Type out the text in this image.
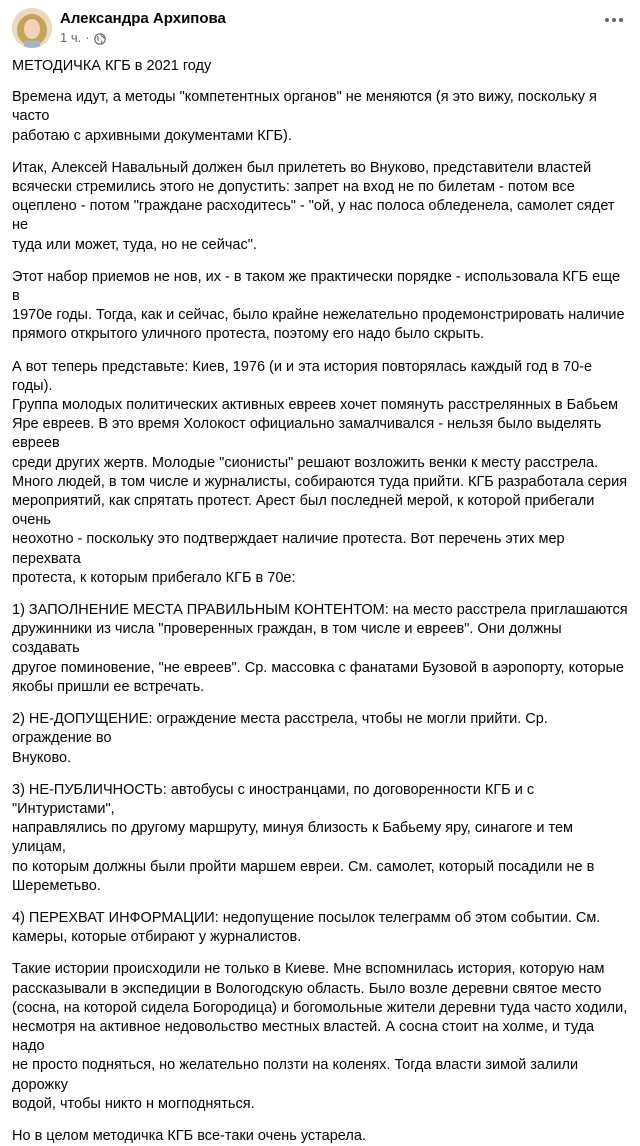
Александра Архипова
1 ч. ·

МЕТОДИЧКА КГБ в 2021 году

Времена идут, а методы "компетентных органов" не меняются (я это вижу, поскольку я часто
работаю с архивными документами КГБ).

Итак, Алексей Навальный должен был прилететь во Внуково, представители властей
всячески стремились этого не допустить: запрет на вход не по билетам - потом все
оцеплено - потом "граждане расходитесь" - "ой, у нас полоса обледенела, самолет сядет не
туда или может, туда, но не сейчас".

Этот набор приемов не нов, их - в таком же практически порядке - использовала КГБ еще в
1970е годы. Тогда, как и сейчас, было крайне нежелательно продемонстрировать наличие
прямого открытого уличного протеста, поэтому его надо было скрыть.

А вот теперь представьте: Киев, 1976 (и и эта история повторялась каждый год в 70-е годы).
Группа молодых политических активных евреев хочет помянуть расстрелянных в Бабьем
Яре евреев. В это время Холокост официально замалчивался - нельзя было выделять евреев
среди других жертв. Молодые "сионисты" решают возложить венки к месту расстрела.
Много людей, в том числе и журналисты, собираются туда прийти. КГБ разработала серия
мероприятий, как спрятать протест. Арест был последней мерой, к которой прибегали очень
неохотно - поскольку это подтверждает наличие протеста. Вот перечень этих мер перехвата
протеста, к которым прибегало КГБ в 70е:

1) ЗАПОЛНЕНИЕ МЕСТА ПРАВИЛЬНЫМ КОНТЕНТОМ: на место расстрела приглашаются
дружинники из числа "проверенных граждан, в том числе и евреев". Они должны создавать
другое поминовение, "не евреев". Ср. массовка с фанатами Бузовой в аэропорту, которые
якобы пришли ее встречать.

2) НЕ-ДОПУЩЕНИЕ: ограждение места расстрела, чтобы не могли прийти. Ср. ограждение во
Внуково.

3) НЕ-ПУБЛИЧНОСТЬ: автобусы с иностранцами, по договоренности КГБ и с "Интуристами",
направлялись по другому маршруту, минуя близость к Бабьему яру, синагоге и тем улицам,
по которым должны были пройти маршем евреи. См. самолет, который посадили не в
Шереметьво.

4) ПЕРЕХВАТ ИНФОРМАЦИИ: недопущение посылок телеграмм об этом событии. См.
камеры, которые отбирают у журналистов.

Такие истории происходили не только в Киеве. Мне вспомнилась история, которую нам
рассказывали в экспедиции в Вологодскую область. Было возле деревни святое место
(сосна, на которой сидела Богородица) и богомольные жители деревни туда часто ходили,
несмотря на активное недовольство местных властей. А сосна стоит на холме, и туда надо
не просто подняться, но желательно ползти на коленях. Тогда власти зимой залили дорожку
водой, чтобы никто н могподняться.

Но в целом методичка КГБ все-таки очень устарела.
